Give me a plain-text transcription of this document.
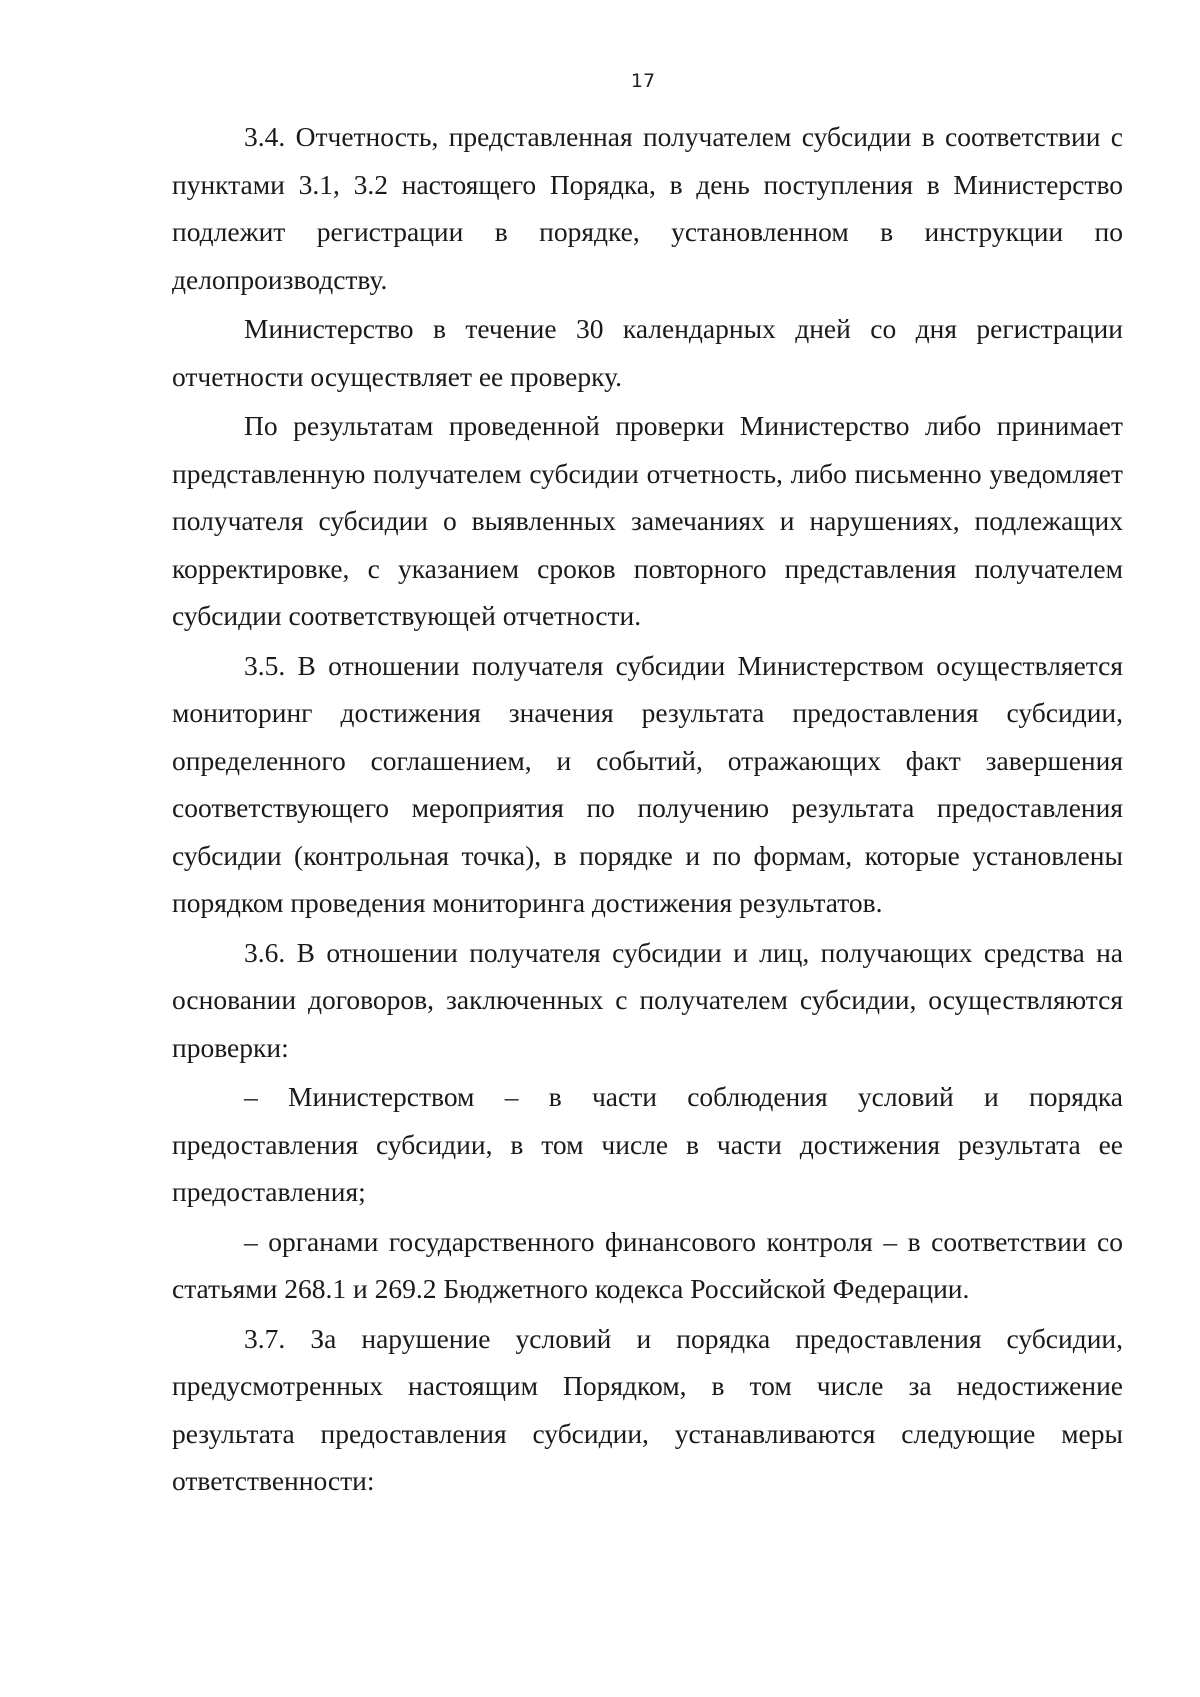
17

3.4. Отчетность, представленная получателем субсидии в соответствии с пунктами 3.1, 3.2 настоящего Порядка, в день поступления в Министерство подлежит регистрации в порядке, установленном в инструкции по делопроизводству.

Министерство в течение 30 календарных дней со дня регистрации отчетности осуществляет ее проверку.

По результатам проведенной проверки Министерство либо принимает представленную получателем субсидии отчетность, либо письменно уведомляет получателя субсидии о выявленных замечаниях и нарушениях, подлежащих корректировке, с указанием сроков повторного представления получателем субсидии соответствующей отчетности.

3.5. В отношении получателя субсидии Министерством осуществляется мониторинг достижения значения результата предоставления субсидии, определенного соглашением, и событий, отражающих факт завершения соответствующего мероприятия по получению результата предоставления субсидии (контрольная точка), в порядке и по формам, которые установлены порядком проведения мониторинга достижения результатов.

3.6. В отношении получателя субсидии и лиц, получающих средства на основании договоров, заключенных с получателем субсидии, осуществляются проверки:

– Министерством – в части соблюдения условий и порядка предоставления субсидии, в том числе в части достижения результата ее предоставления;

– органами государственного финансового контроля – в соответствии со статьями 268.1 и 269.2 Бюджетного кодекса Российской Федерации.

3.7. За нарушение условий и порядка предоставления субсидии, предусмотренных настоящим Порядком, в том числе за недостижение результата предоставления субсидии, устанавливаются следующие меры ответственности:
